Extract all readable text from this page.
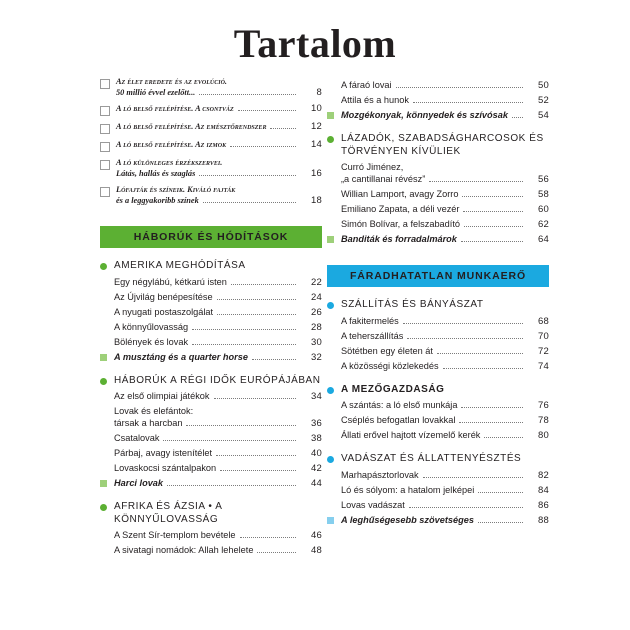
Tartalom
Az élet eredete és az evolúció.
50 millió évvel ezelőtt...	8
A ló belső felépítése. A csontváz	10
A ló belső felépítése. Az emésztőrendszer	12
A ló belső felépítése. Az izmok	14
A ló különleges érzékszervei.
Látás, hallás és szaglás	16
Lófajták és színeik. Kiváló fajták
és a leggyakoribb színek	18
HÁBORÚK ÉS HÓDÍTÁSOK
AMERIKA MEGHÓDÍTÁSA
Egy négylábú, kétkarú isten	22
Az Újvilág benépesítése	24
A nyugati postaszolgálat	26
A könnyűlovasság	28
Bölények és lovak	30
A musztáng és a quarter horse	32
HÁBORÚK A RÉGI IDŐK EURÓPÁJÁBAN
Az első olimpiai játékok	34
Lovak és elefántok:
társak a harcban	36
Csatalovak	38
Párbaj, avagy istenítélet	40
Lovaskocsi szántalpakon	42
Harci lovak	44
AFRIKA ÉS ÁZSIA • A KÖNNYŰLOVASSÁG
A Szent Sír-templom bevétele	46
A sivatagi nomádok: Allah lehelete	48
A fáraó lovai	50
Attila és a hunok	52
Mozgékonyak, könnyedek és szívósak	54
LÁZADÓK, SZABADSÁGHARCOSOK ÉS TÖRVÉNYEN KÍVÜLIEK
Curró Jiménez,
„a cantillanai révész”	56
Willian Lamport, avagy Zorro	58
Emiliano Zapata, a déli vezér	60
Simón Bolívar, a felszabadító	62
Banditák és forradalmárok	64
FÁRADHATATLAN MUNKAERŐ
SZÁLLÍTÁS ÉS BÁNYÁSZAT
A fakitermelés	68
A teherszállítás	70
Sötétben egy életen át	72
A közösségi közlekedés	74
A MEZŐGAZDASÁG
A szántás: a ló első munkája	76
Cséplés befogatlan lovakkal	78
Állati erővel hajtott vízemelő kerék	80
VADÁSZAT ÉS ÁLLATTENYÉSZTÉS
Marhapásztorlovak	82
Ló és sólyom: a hatalom jelképei	84
Lovas vadászat	86
A leghűségesebb szövetséges	88
